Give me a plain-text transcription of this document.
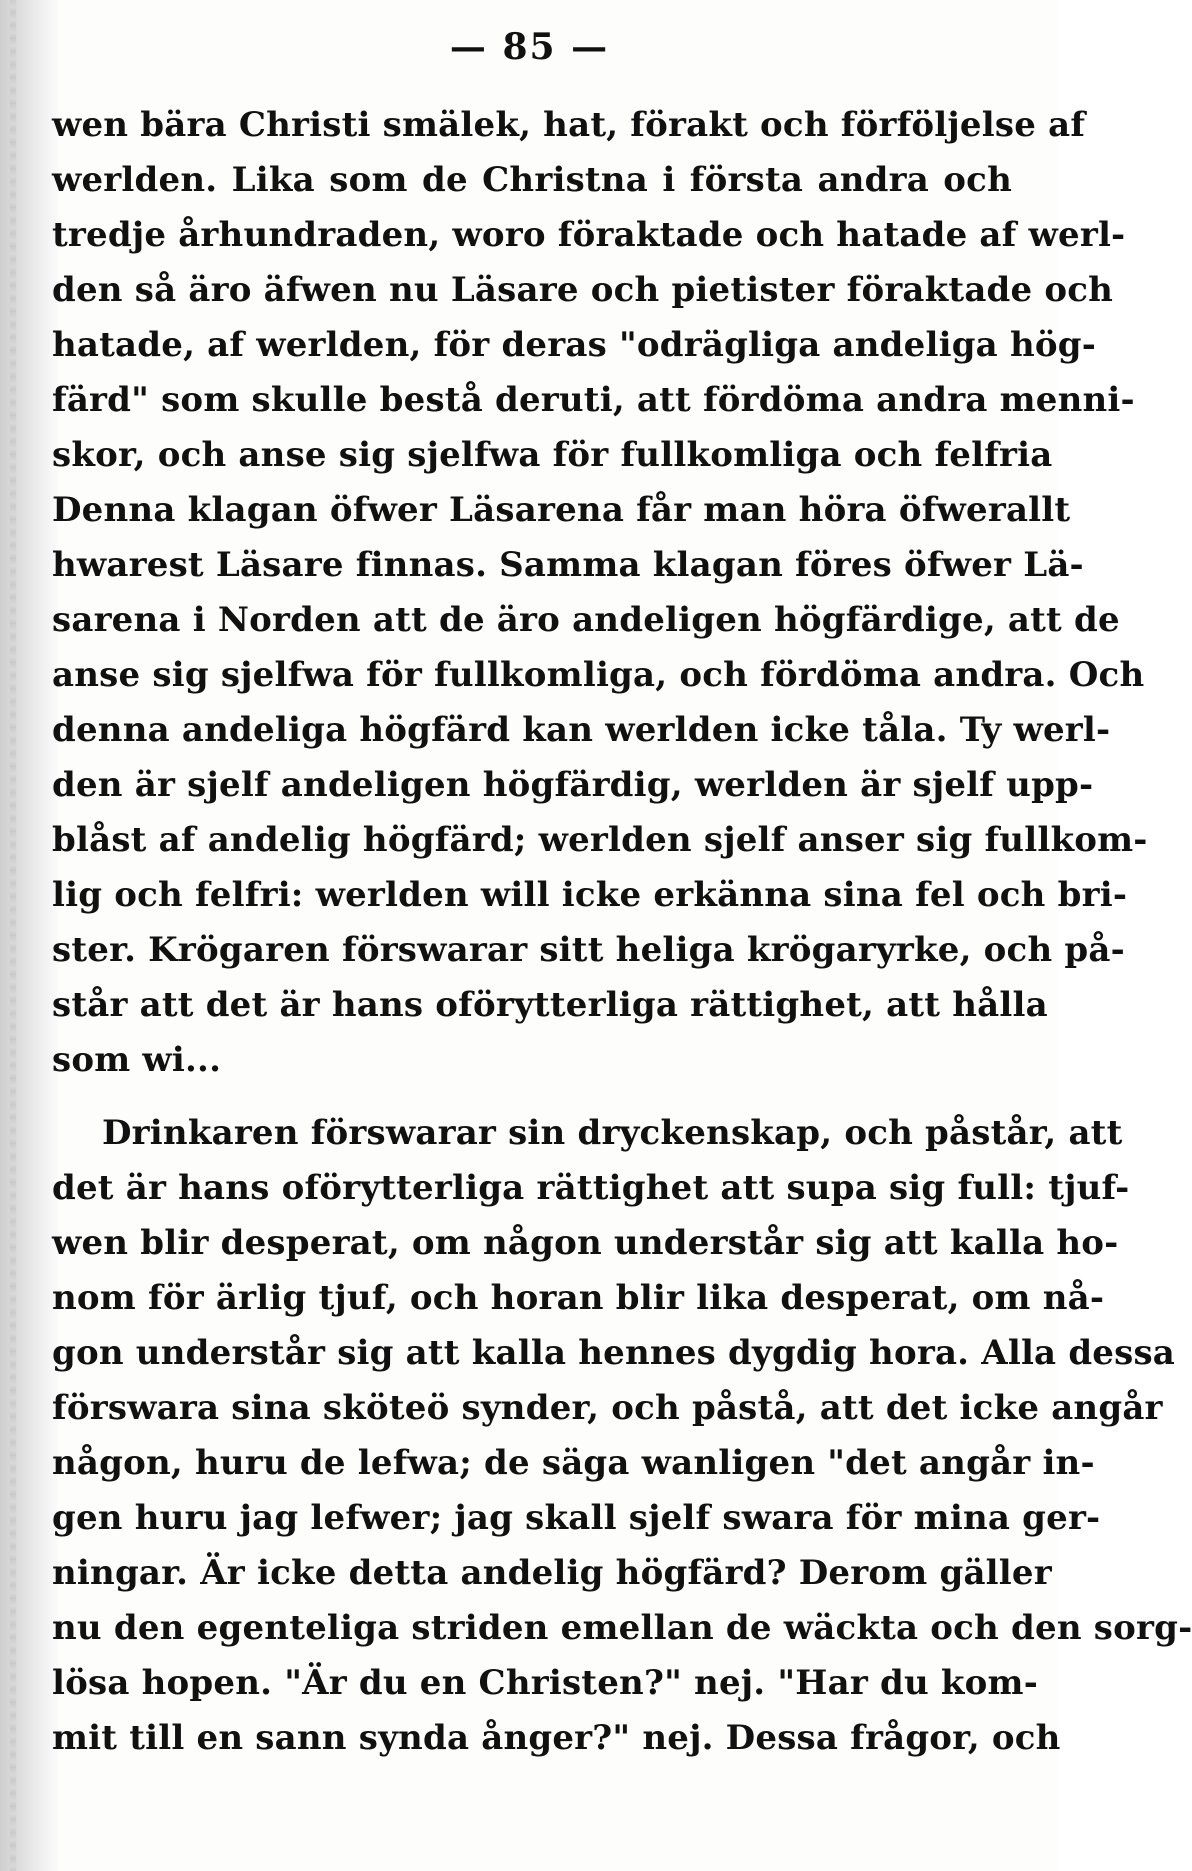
— 85 —
wen bära Christi smälek, hat, förakt och förföljelse af
werlden. Lika som de Christna i första andra och
tredje århundraden, woro föraktade och hatade af werl-
den så äro äfwen nu Läsare och pietister föraktade och
hatade, af werlden, för deras "odrägliga andeliga hög-
färd" som skulle bestå deruti, att fördöma andra menni-
skor, och anse sig sjelfwa för fullkomliga och felfria
Denna klagan öfwer Läsarena får man höra öfwerallt
hwarest Läsare finnas. Samma klagan föres öfwer Lä-
sarena i Norden att de äro andeligen högfärdige, att de
anse sig sjelfwa för fullkomliga, och fördöma andra. Och
denna andeliga högfärd kan werlden icke tåla. Ty werl-
den är sjelf andeligen högfärdig, werlden är sjelf upp-
blåst af andelig högfärd; werlden sjelf anser sig fullkom-
lig och felfri: werlden will icke erkänna sina fel och bri-
ster. Krögaren förswarar sitt heliga krögaryrke, och på-
står att det är hans oförytterliga rättighet, att hålla
som wi...
Drinkaren förswarar sin dryckenskap, och påstår, att
det är hans oförytterliga rättighet att supa sig full: tjuf-
wen blir desperat, om någon understår sig att kalla ho-
nom för ärlig tjuf, och horan blir lika desperat, om nå-
gon understår sig att kalla hennes dygdig hora. Alla dessa
förswara sina sköteö synder, och påstå, att det icke angår
någon, huru de lefwa; de säga wanligen "det angår in-
gen huru jag lefwer; jag skall sjelf swara för mina ger-
ningar. Är icke detta andelig högfärd? Derom gäller
nu den egenteliga striden emellan de wäckta och den sorg-
lösa hopen. "Är du en Christen?" nej. "Har du kom-
mit till en sann synda ånger?" nej. Dessa frågor, och
